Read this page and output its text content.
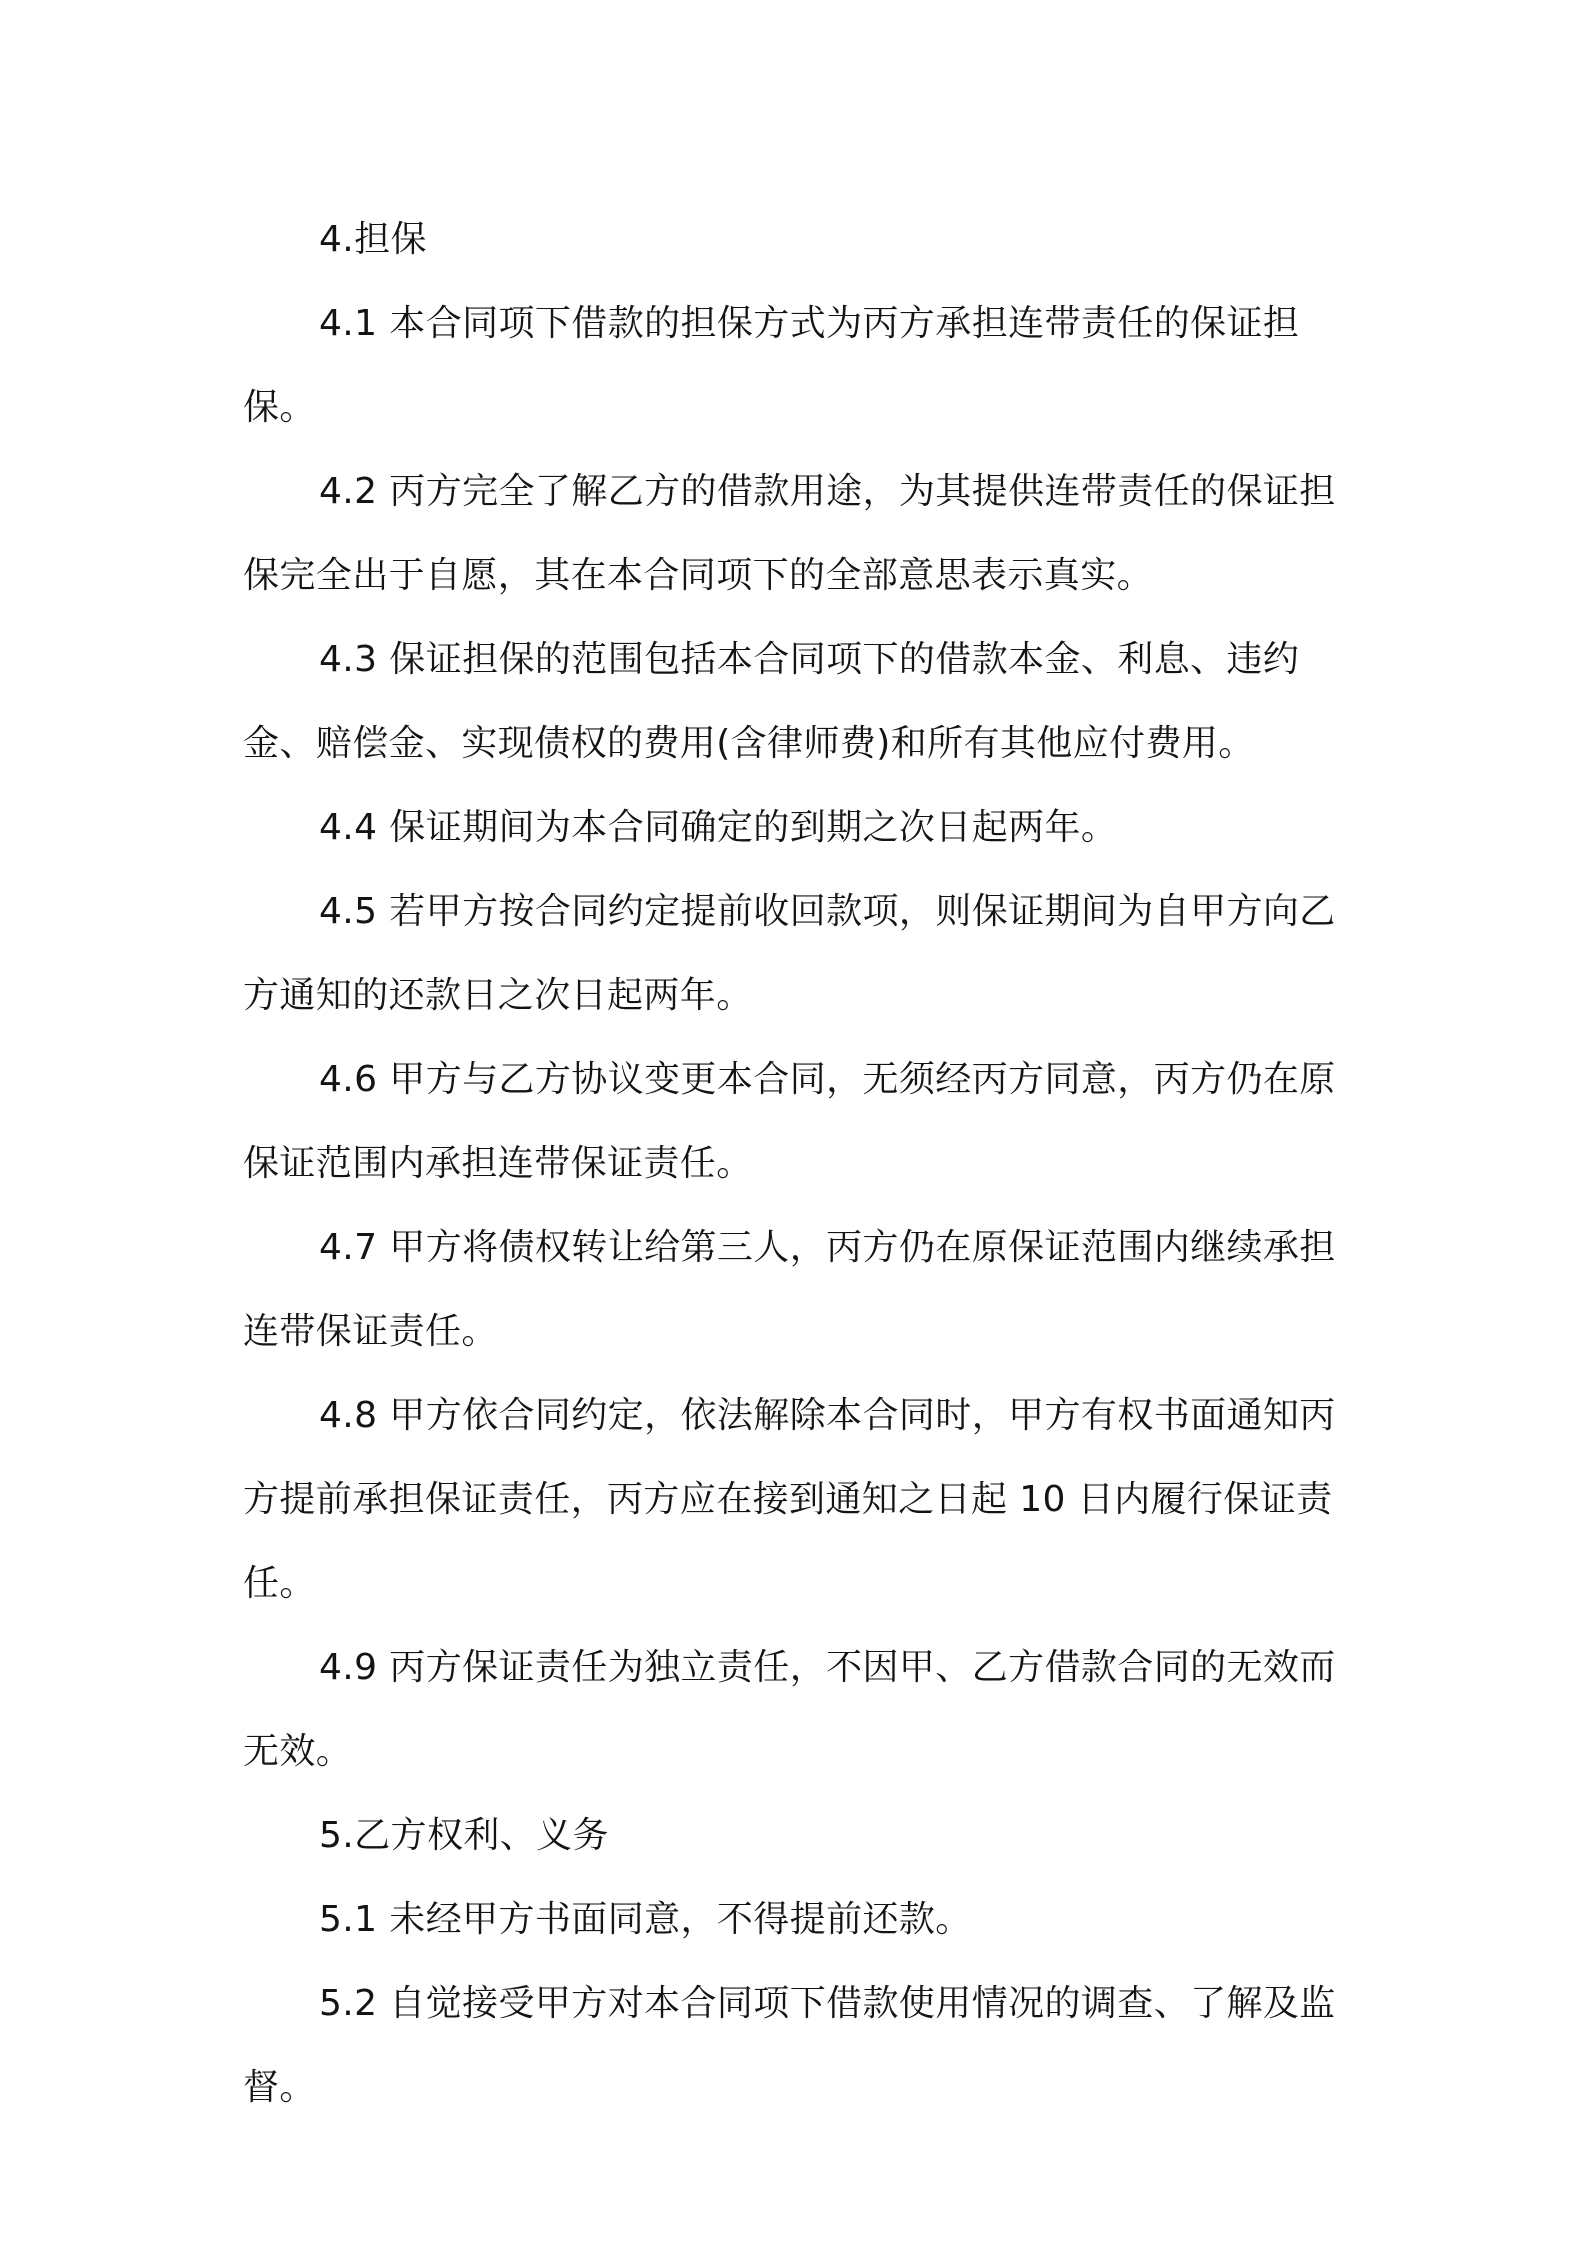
4.担保

4.1 本合同项下借款的担保方式为丙方承担连带责任的保证担保。

4.2 丙方完全了解乙方的借款用途，为其提供连带责任的保证担保完全出于自愿，其在本合同项下的全部意思表示真实。

4.3 保证担保的范围包括本合同项下的借款本金、利息、违约金、赔偿金、实现债权的费用(含律师费)和所有其他应付费用。

4.4 保证期间为本合同确定的到期之次日起两年。

4.5 若甲方按合同约定提前收回款项，则保证期间为自甲方向乙方通知的还款日之次日起两年。

4.6 甲方与乙方协议变更本合同，无须经丙方同意，丙方仍在原保证范围内承担连带保证责任。

4.7 甲方将债权转让给第三人，丙方仍在原保证范围内继续承担连带保证责任。

4.8 甲方依合同约定，依法解除本合同时，甲方有权书面通知丙方提前承担保证责任，丙方应在接到通知之日起 10 日内履行保证责任。

4.9 丙方保证责任为独立责任，不因甲、乙方借款合同的无效而无效。

5.乙方权利、义务

5.1 未经甲方书面同意，不得提前还款。

5.2 自觉接受甲方对本合同项下借款使用情况的调查、了解及监督。
